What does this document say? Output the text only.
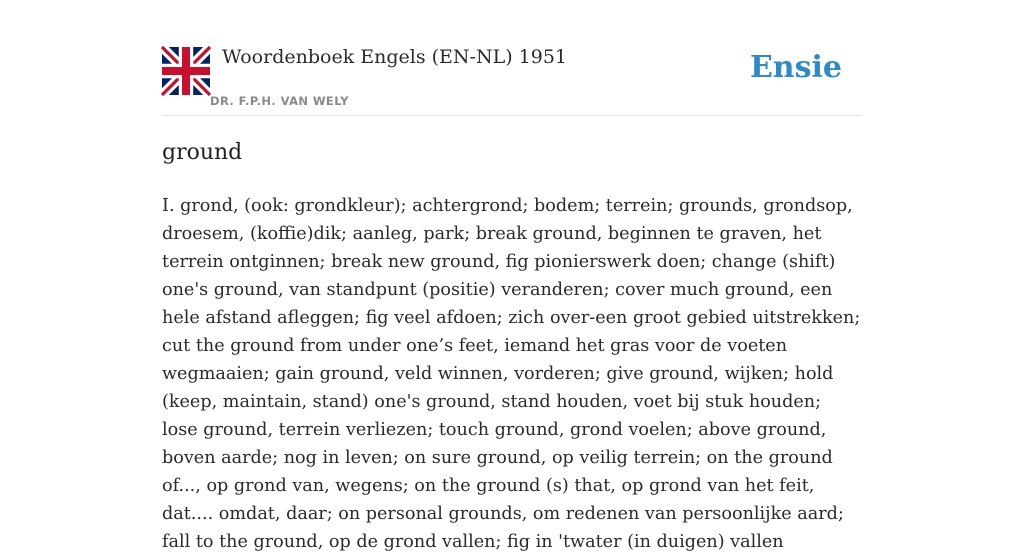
Woordenboek Engels (EN-NL) 1951
DR. F.P.H. VAN WELY
Ensie
ground
I. grond, (ook: grondkleur); achtergrond; bodem; terrein; grounds, grondsop, droesem, (koffie)dik; aanleg, park; break ground, beginnen te graven, het terrein ontginnen; break new ground, fig pionierswerk doen; change (shift) one's ground, van standpunt (positie) veranderen; cover much ground, een hele afstand afleggen; fig veel afdoen; zich over-een groot gebied uitstrekken; cut the ground from under one’s feet, iemand het gras voor de voeten wegmaaien; gain ground, veld winnen, vorderen; give ground, wijken; hold (keep, maintain, stand) one's ground, stand houden, voet bij stuk houden; lose ground, terrein verliezen; touch ground, grond voelen; above ground, boven aarde; nog in leven; on sure ground, op veilig terrein; on the ground of..., op grond van, wegens; on the ground (s) that, op grond van het feit, dat.... omdat, daar; on personal grounds, om redenen van persoonlijke aard; fall to the ground, op de grond vallen; fig in 'twater (in duigen) vallen
